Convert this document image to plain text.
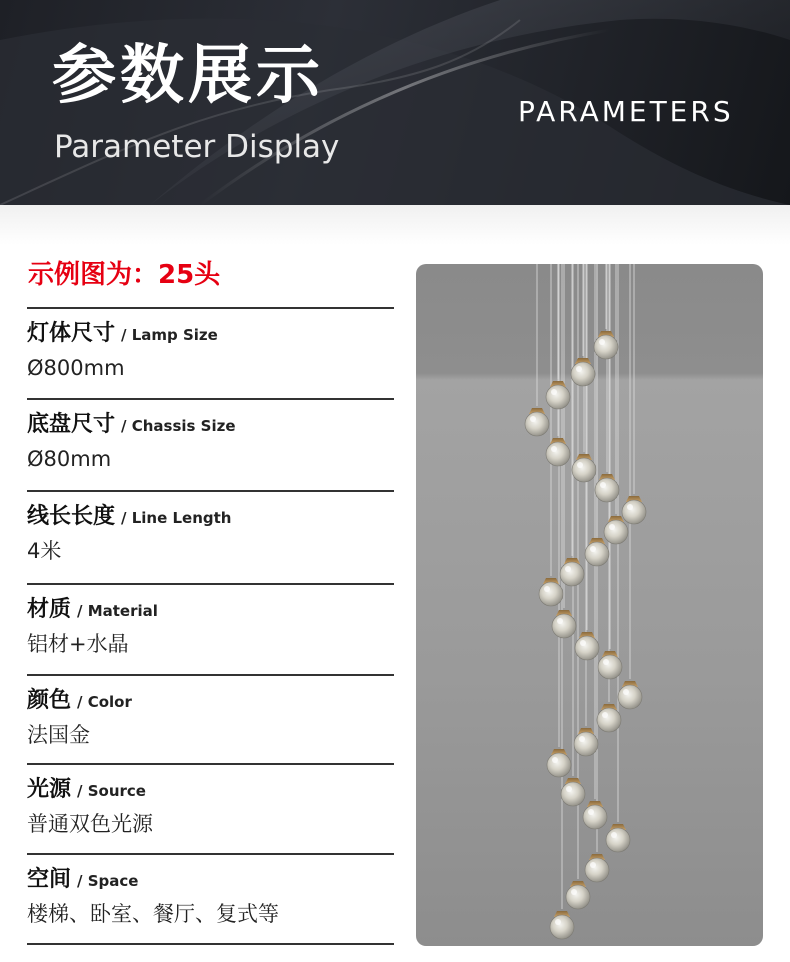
参数展示
Parameter Display
PARAMETERS
示例图为：25头
灯体尺寸 / Lamp Size
Ø800mm
底盘尺寸 / Chassis Size
Ø80mm
线长长度 / Line Length
4米
材质 / Material
铝材+水晶
颜色 / Color
法国金
光源 / Source
普通双色光源
空间 / Space
楼梯、卧室、餐厅、复式等
